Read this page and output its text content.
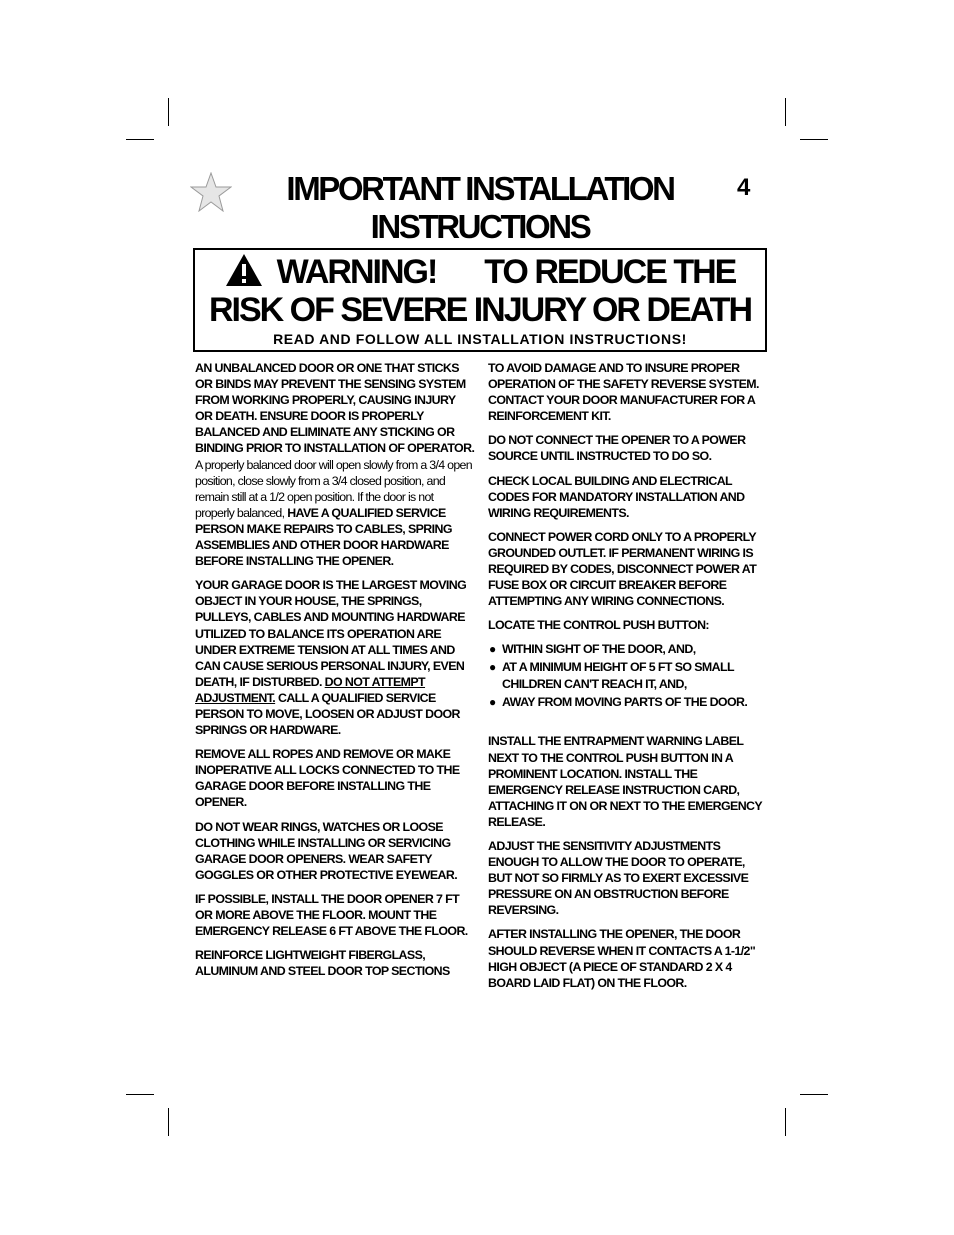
IMPORTANT INSTALLATION
INSTRUCTIONS
4
WARNING! TO REDUCE THE
RISK OF SEVERE INJURY OR DEATH
READ AND FOLLOW ALL INSTALLATION INSTRUCTIONS!

AN UNBALANCED DOOR OR ONE THAT STICKS OR BINDS MAY PREVENT THE SENSING SYSTEM FROM WORKING PROPERLY, CAUSING INJURY OR DEATH. ENSURE DOOR IS PROPERLY BALANCED AND ELIMINATE ANY STICKING OR BINDING PRIOR TO INSTALLATION OF OPERATOR. A properly balanced door will open slowly from a 3/4 open position, close slowly from a 3/4 closed position, and remain still at a 1/2 open position. If the door is not properly balanced, HAVE A QUALIFIED SERVICE PERSON MAKE REPAIRS TO CABLES, SPRING ASSEMBLIES AND OTHER DOOR HARDWARE BEFORE INSTALLING THE OPENER.

YOUR GARAGE DOOR IS THE LARGEST MOVING OBJECT IN YOUR HOUSE, THE SPRINGS, PULLEYS, CABLES AND MOUNTING HARDWARE UTILIZED TO BALANCE ITS OPERATION ARE UNDER EXTREME TENSION AT ALL TIMES AND CAN CAUSE SERIOUS PERSONAL INJURY, EVEN DEATH, IF DISTURBED. DO NOT ATTEMPT ADJUSTMENT. CALL A QUALIFIED SERVICE PERSON TO MOVE, LOOSEN OR ADJUST DOOR SPRINGS OR HARDWARE.

REMOVE ALL ROPES AND REMOVE OR MAKE INOPERATIVE ALL LOCKS CONNECTED TO THE GARAGE DOOR BEFORE INSTALLING THE OPENER.

DO NOT WEAR RINGS, WATCHES OR LOOSE CLOTHING WHILE INSTALLING OR SERVICING GARAGE DOOR OPENERS. WEAR SAFETY GOGGLES OR OTHER PROTECTIVE EYEWEAR.

IF POSSIBLE, INSTALL THE DOOR OPENER 7 FT OR MORE ABOVE THE FLOOR. MOUNT THE EMERGENCY RELEASE 6 FT ABOVE THE FLOOR.

REINFORCE LIGHTWEIGHT FIBERGLASS, ALUMINUM AND STEEL DOOR TOP SECTIONS

TO AVOID DAMAGE AND TO INSURE PROPER OPERATION OF THE SAFETY REVERSE SYSTEM. CONTACT YOUR DOOR MANUFACTURER FOR A REINFORCEMENT KIT.

DO NOT CONNECT THE OPENER TO A POWER SOURCE UNTIL INSTRUCTED TO DO SO.

CHECK LOCAL BUILDING AND ELECTRICAL CODES FOR MANDATORY INSTALLATION AND WIRING REQUIREMENTS.

CONNECT POWER CORD ONLY TO A PROPERLY GROUNDED OUTLET. IF PERMANENT WIRING IS REQUIRED BY CODES, DISCONNECT POWER AT FUSE BOX OR CIRCUIT BREAKER BEFORE ATTEMPTING ANY WIRING CONNECTIONS.

LOCATE THE CONTROL PUSH BUTTON:

● WITHIN SIGHT OF THE DOOR, AND,
● AT A MINIMUM HEIGHT OF 5 FT SO SMALL CHILDREN CAN'T REACH IT, AND,
● AWAY FROM MOVING PARTS OF THE DOOR.

INSTALL THE ENTRAPMENT WARNING LABEL NEXT TO THE CONTROL PUSH BUTTON IN A PROMINENT LOCATION. INSTALL THE EMERGENCY RELEASE INSTRUCTION CARD, ATTACHING IT ON OR NEXT TO THE EMERGENCY RELEASE.

ADJUST THE SENSITIVITY ADJUSTMENTS ENOUGH TO ALLOW THE DOOR TO OPERATE, BUT NOT SO FIRMLY AS TO EXERT EXCESSIVE PRESSURE ON AN OBSTRUCTION BEFORE REVERSING.

AFTER INSTALLING THE OPENER, THE DOOR SHOULD REVERSE WHEN IT CONTACTS A 1-1/2" HIGH OBJECT (A PIECE OF STANDARD 2 X 4 BOARD LAID FLAT) ON THE FLOOR.
